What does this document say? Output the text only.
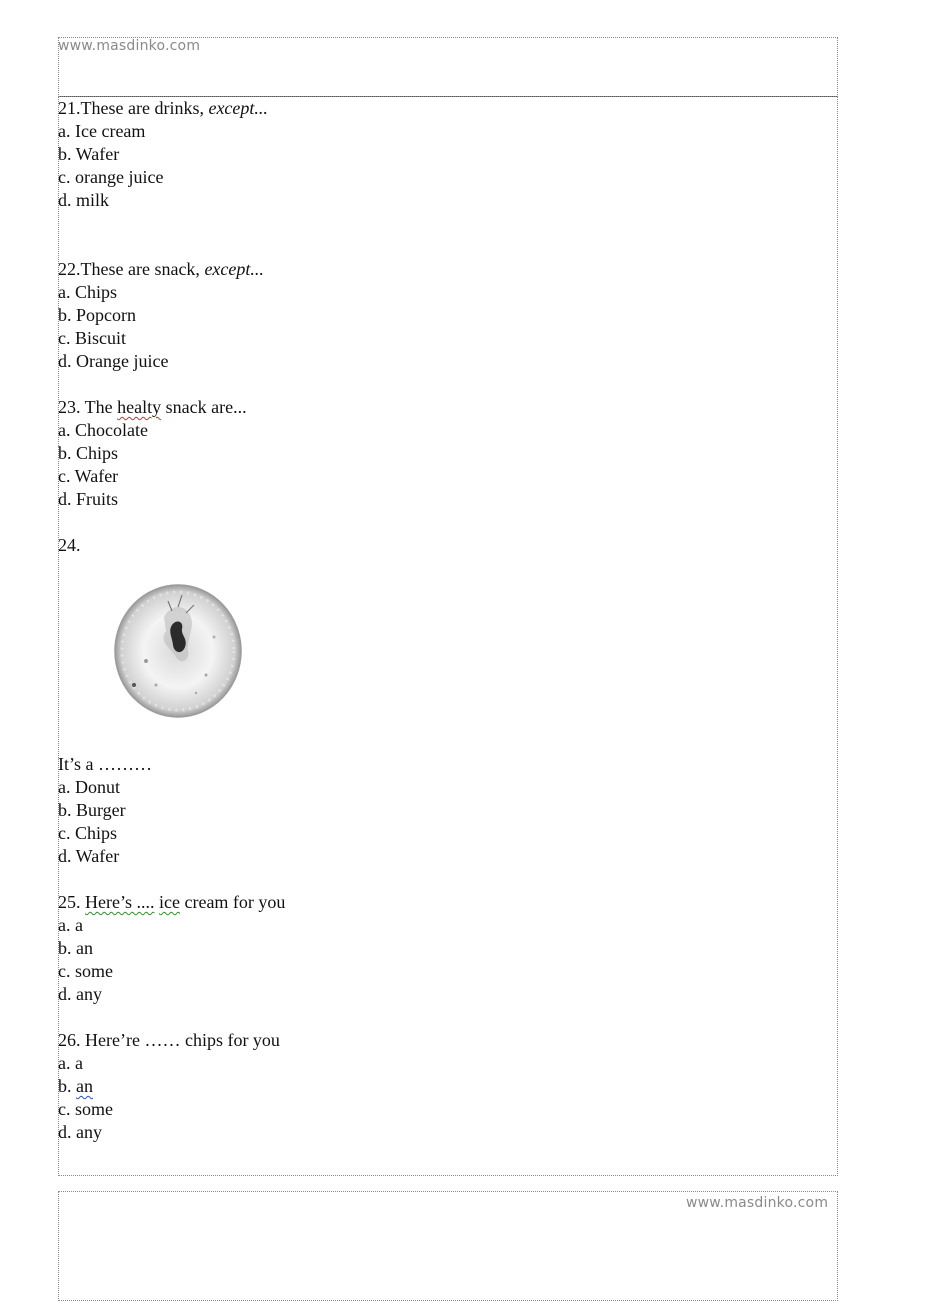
www.masdinko.com
www.masdinko.com
21.These are drinks, except...
a. Ice cream
b. Wafer
c. orange juice
d. milk
22.These are snack, except...
a. Chips
b. Popcorn
c. Biscuit
d. Orange juice
23. The healty snack are...
a. Chocolate
b. Chips
c. Wafer
d. Fruits
24.
It’s a ………
a. Donut
b. Burger
c. Chips
d. Wafer
25. Here’s .... ice cream for you
a. a
b. an
c. some
d. any
26. Here’re …… chips for you
a. a
b. an
c. some
d. any
